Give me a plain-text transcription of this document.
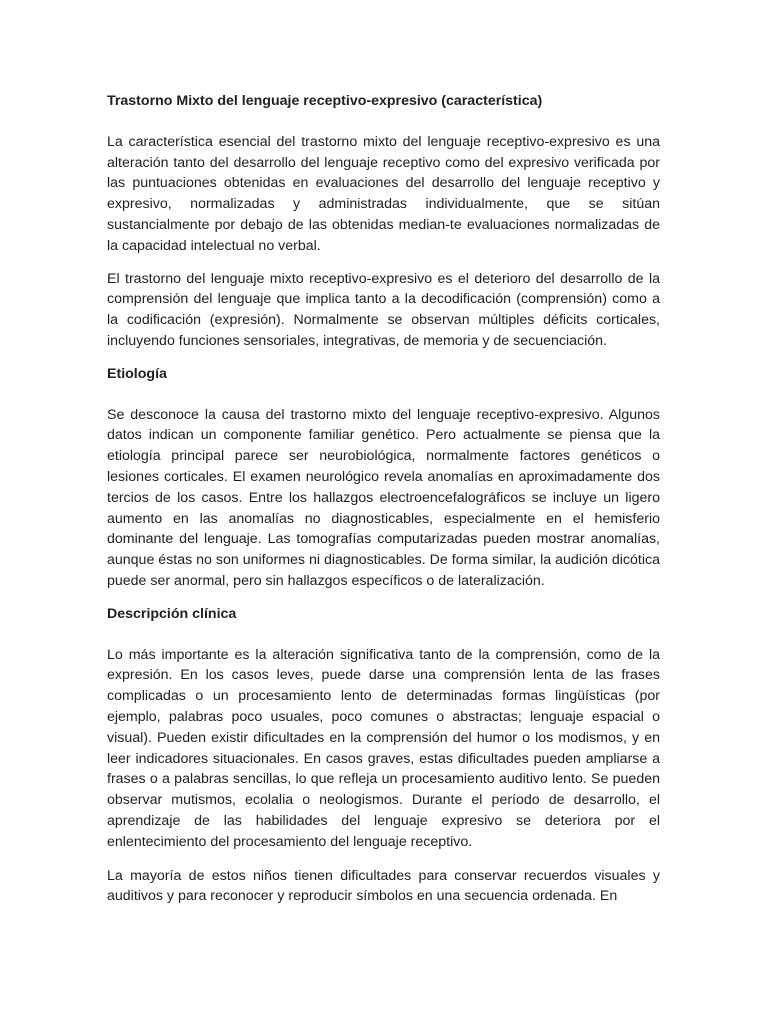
Trastorno Mixto del lenguaje receptivo-expresivo (característica)
La característica esencial del trastorno mixto del lenguaje receptivo-expresivo es una alteración tanto del desarrollo del lenguaje receptivo como del expresivo verificada por las puntuaciones obtenidas en evaluaciones del desarrollo del lenguaje receptivo y expresivo, normalizadas y administradas individualmente, que se sitúan sustancialmente por debajo de las obtenidas median-te evaluaciones normalizadas de la capacidad intelectual no verbal.
El trastorno del lenguaje mixto receptivo-expresivo es el deterioro del desarrollo de la comprensión del lenguaje que implica tanto a la decodificación (comprensión) como a la codificación (expresión). Normalmente se observan múltiples déficits corticales, incluyendo funciones sensoriales, integrativas, de memoria y de secuenciación.
Etiología
Se desconoce la causa del trastorno mixto del lenguaje receptivo-expresivo. Algunos datos indican un componente familiar genético. Pero actualmente se piensa que la etiología principal parece ser neurobiológica, normalmente factores genéticos o lesiones corticales. El examen neurológico revela anomalías en aproximadamente dos tercios de los casos. Entre los hallazgos electroencefalográficos se incluye un ligero aumento en las anomalías no diagnosticables, especialmente en el hemisferio dominante del lenguaje. Las tomografías computarizadas pueden mostrar anomalías, aunque éstas no son uniformes ni diagnosticables. De forma similar, la audición dicótica puede ser anormal, pero sin hallazgos específicos o de lateralización.
Descripción clínica
Lo más importante es la alteración significativa tanto de la comprensión, como de la expresión. En los casos leves, puede darse una comprensión lenta de las frases complicadas o un procesamiento lento de determinadas formas lingüísticas (por ejemplo, palabras poco usuales, poco comunes o abstractas; lenguaje espacial o visual). Pueden existir dificultades en la comprensión del humor o los modismos, y en leer indicadores situacionales. En casos graves, estas dificultades pueden ampliarse a frases o a palabras sencillas, lo que refleja un procesamiento auditivo lento. Se pueden observar mutismos, ecolalia o neologismos. Durante el período de desarrollo, el aprendizaje de las habilidades del lenguaje expresivo se deteriora por el enlentecimiento del procesamiento del lenguaje receptivo.
La mayoría de estos niños tienen dificultades para conservar recuerdos visuales y auditivos y para reconocer y reproducir símbolos en una secuencia ordenada. En
